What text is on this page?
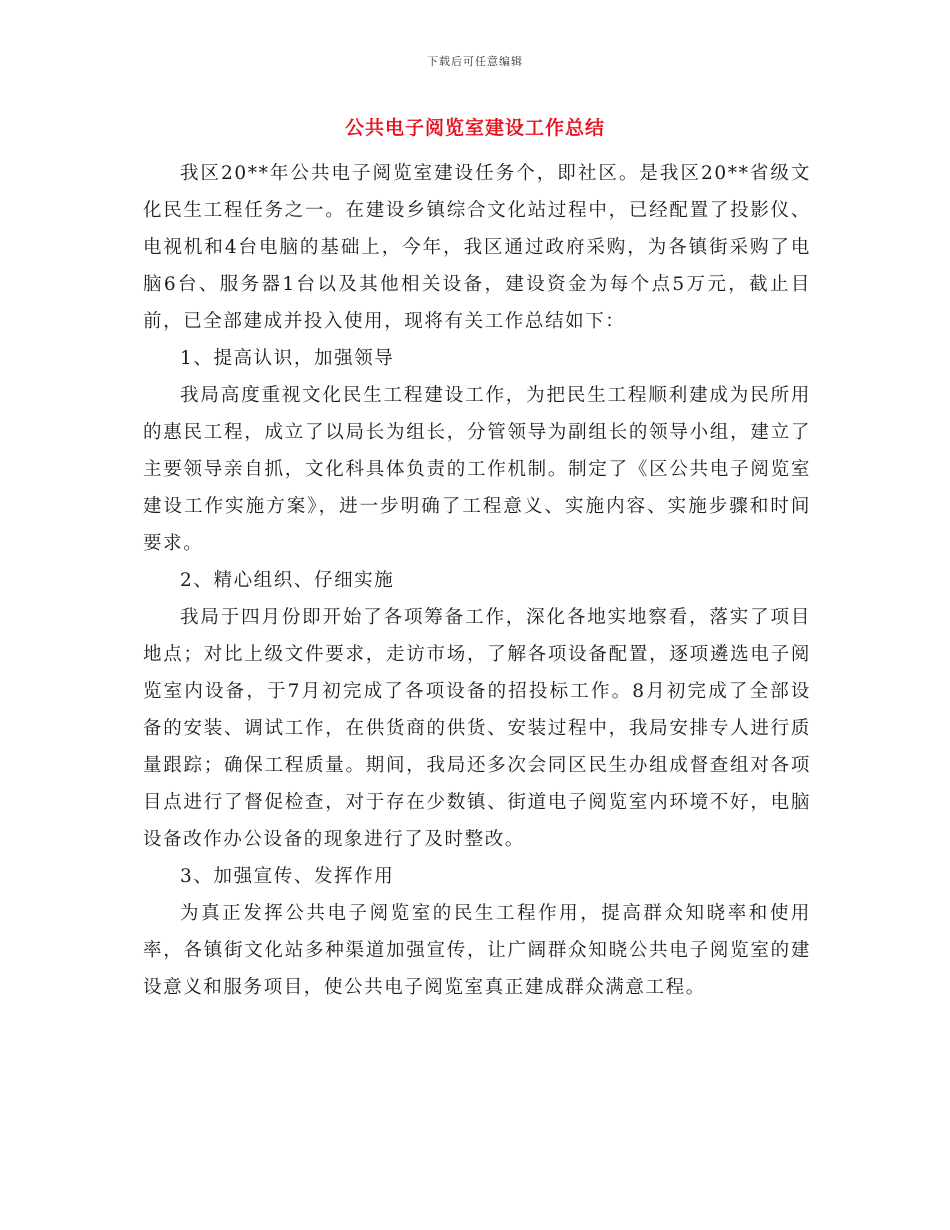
下载后可任意编辑
公共电子阅览室建设工作总结

我区20**年公共电子阅览室建设任务个，即社区。是我区20**省级文化民生工程任务之一。在建设乡镇综合文化站过程中，已经配置了投影仪、电视机和4台电脑的基础上，今年，我区通过政府采购，为各镇街采购了电脑6台、服务器1台以及其他相关设备，建设资金为每个点5万元，截止目前，已全部建成并投入使用，现将有关工作总结如下：

1、提高认识，加强领导

我局高度重视文化民生工程建设工作，为把民生工程顺利建成为民所用的惠民工程，成立了以局长为组长，分管领导为副组长的领导小组，建立了主要领导亲自抓，文化科具体负责的工作机制。制定了《区公共电子阅览室建设工作实施方案》，进一步明确了工程意义、实施内容、实施步骤和时间要求。

2、精心组织、仔细实施

我局于四月份即开始了各项筹备工作，深化各地实地察看，落实了项目地点；对比上级文件要求，走访市场，了解各项设备配置，逐项遴选电子阅览室内设备，于7月初完成了各项设备的招投标工作。8月初完成了全部设备的安装、调试工作，在供货商的供货、安装过程中，我局安排专人进行质量跟踪；确保工程质量。期间，我局还多次会同区民生办组成督查组对各项目点进行了督促检查，对于存在少数镇、街道电子阅览室内环境不好，电脑设备改作办公设备的现象进行了及时整改。

3、加强宣传、发挥作用

为真正发挥公共电子阅览室的民生工程作用，提高群众知晓率和使用率，各镇街文化站多种渠道加强宣传，让广阔群众知晓公共电子阅览室的建设意义和服务项目，使公共电子阅览室真正建成群众满意工程。
